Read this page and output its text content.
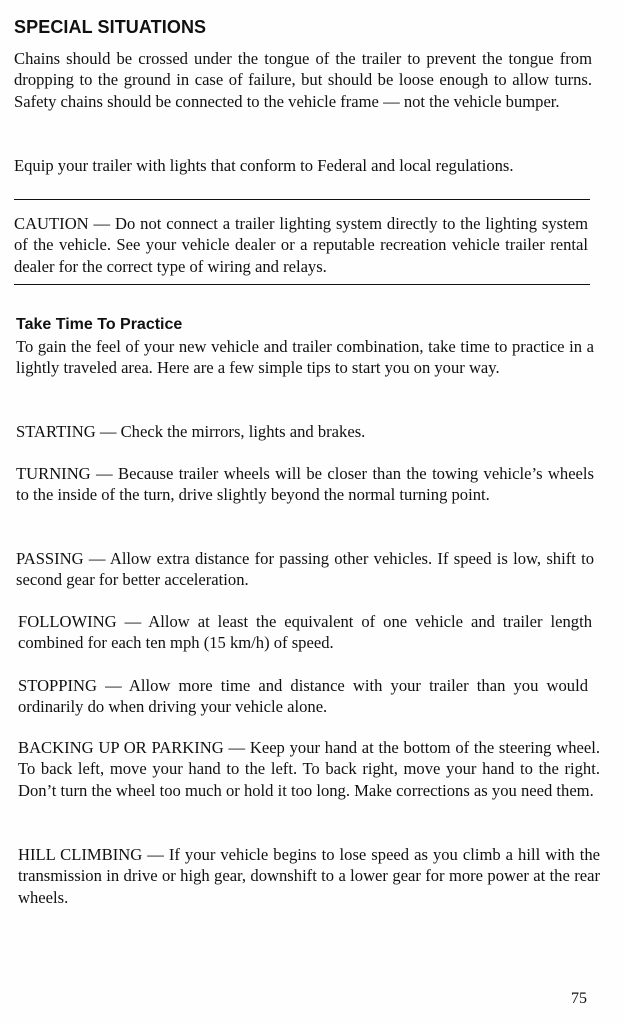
SPECIAL SITUATIONS

Chains should be crossed under the tongue of the trailer to prevent the tongue from dropping to the ground in case of failure, but should be loose enough to allow turns. Safety chains should be connected to the vehicle frame — not the vehicle bumper.

Equip your trailer with lights that conform to Federal and local regulations.

CAUTION — Do not connect a trailer lighting system directly to the lighting system of the vehicle. See your vehicle dealer or a reputable recreation vehicle trailer rental dealer for the correct type of wiring and relays.

Take Time To Practice

To gain the feel of your new vehicle and trailer combination, take time to practice in a lightly traveled area. Here are a few simple tips to start you on your way.

STARTING — Check the mirrors, lights and brakes.

TURNING — Because trailer wheels will be closer than the towing vehicle’s wheels to the inside of the turn, drive slightly beyond the normal turning point.

PASSING — Allow extra distance for passing other vehicles. If speed is low, shift to second gear for better acceleration.

FOLLOWING — Allow at least the equivalent of one vehicle and trailer length combined for each ten mph (15 km/h) of speed.

STOPPING — Allow more time and distance with your trailer than you would ordinarily do when driving your vehicle alone.

BACKING UP OR PARKING — Keep your hand at the bottom of the steering wheel. To back left, move your hand to the left. To back right, move your hand to the right. Don’t turn the wheel too much or hold it too long. Make corrections as you need them.

HILL CLIMBING — If your vehicle begins to lose speed as you climb a hill with the transmission in drive or high gear, downshift to a lower gear for more power at the rear wheels.

75
